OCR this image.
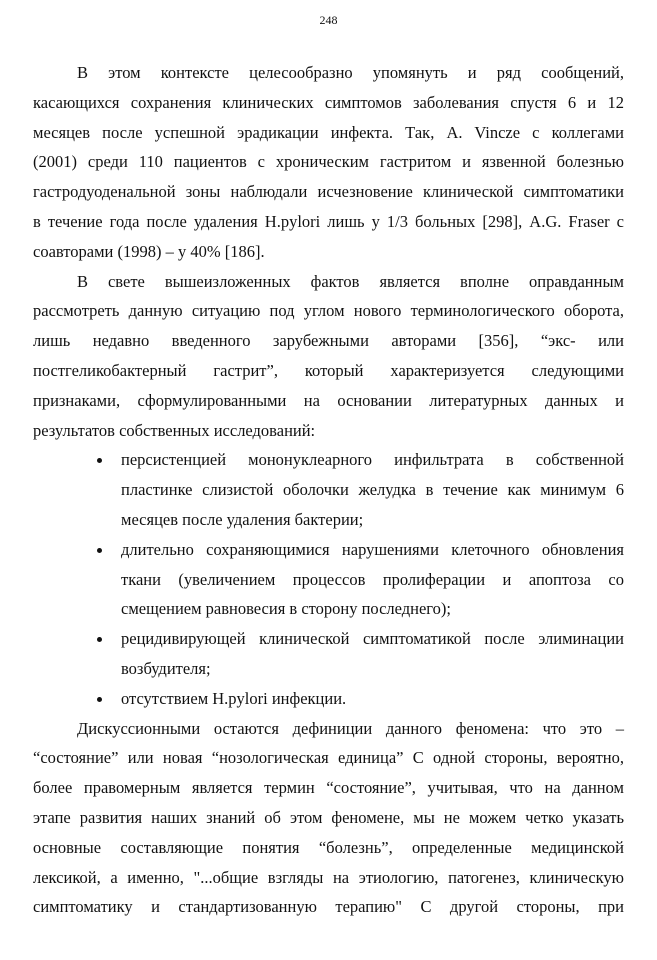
248
В этом контексте целесообразно упомянуть и ряд сообщений,
касающихся сохранения клинических симптомов заболевания спустя 6 и 12
месяцев после успешной эрадикации инфекта. Так, A. Vincze с коллегами
(2001) среди 110 пациентов с хроническим гастритом и язвенной болезнью
гастродуоденальной зоны наблюдали исчезновение клинической симптоматики
в течение года после удаления H.pylori лишь у 1/3 больных [298], A.G. Fraser с
соавторами (1998) – у 40% [186].
В свете вышеизложенных фактов является вполне оправданным
рассмотреть данную ситуацию под углом нового терминологического оборота,
лишь недавно введенного зарубежными авторами [356], “экс- или
постгеликобактерный гастрит”, который характеризуется следующими
признаками, сформулированными на основании литературных данных и
результатов собственных исследований:
персистенцией мононуклеарного инфильтрата в собственной
пластинке слизистой оболочки желудка в течение как минимум 6
месяцев после удаления бактерии;
длительно сохраняющимися нарушениями клеточного обновления
ткани (увеличением процессов пролиферации и апоптоза со
смещением равновесия в сторону последнего);
рецидивирующей клинической симптоматикой после элиминации
возбудителя;
отсутствием H.pylori инфекции.
Дискуссионными остаются дефиниции данного феномена: что это –
“состояние” или новая “нозологическая единица” С одной стороны, вероятно,
более правомерным является термин “состояние”, учитывая, что на данном
этапе развития наших знаний об этом феномене, мы не можем четко указать
основные составляющие понятия “болезнь”, определенные медицинской
лексикой, а именно, "...общие взгляды на этиологию, патогенез, клиническую
симптоматику и стандартизованную терапию" С другой стороны, при
